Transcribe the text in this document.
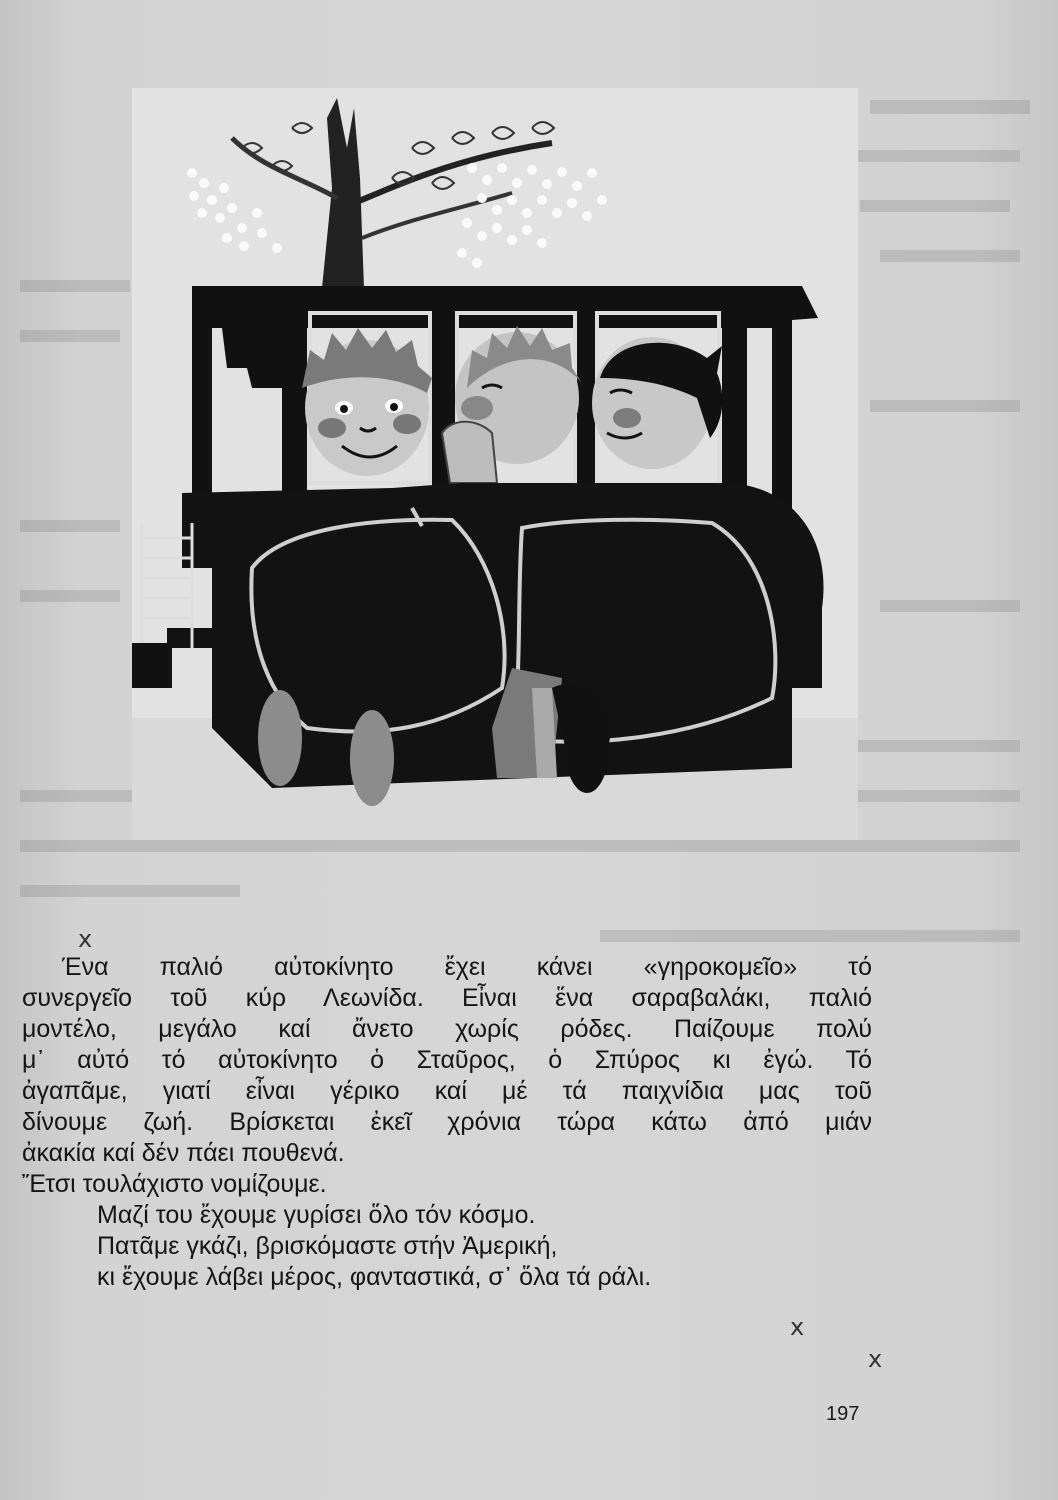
x
x
x

Ένα παλιό αὐτοκίνητο ἔχει κάνει «γηροκομεῖο» τό
συνεργεῖο τοῦ κύρ Λεωνίδα. Εἶναι ἕνα σαραβαλάκι, παλιό
μοντέλο, μεγάλο καί ἄνετο χωρίς ρόδες. Παίζουμε πολύ
μ᾽ αὐτό τό αὐτοκίνητο ὁ Σταῦρος, ὁ Σπύρος κι ἐγώ. Τό
ἀγαπᾶμε, γιατί εἶναι γέρικο καί μέ τά παιχνίδια μας τοῦ
δίνουμε ζωή. Βρίσκεται ἐκεῖ χρόνια τώρα κάτω ἀπό μιάν
ἀκακία καί δέν πάει πουθενά.

Ἔτσι τουλάχιστο νομίζουμε.

Μαζί του ἔχουμε γυρίσει ὅλο τόν κόσμο.
Πατᾶμε γκάζι, βρισκόμαστε στήν Ἀμερική,
κι ἔχουμε λάβει μέρος, φανταστικά, σ᾽ ὅλα τά ράλι.

197
